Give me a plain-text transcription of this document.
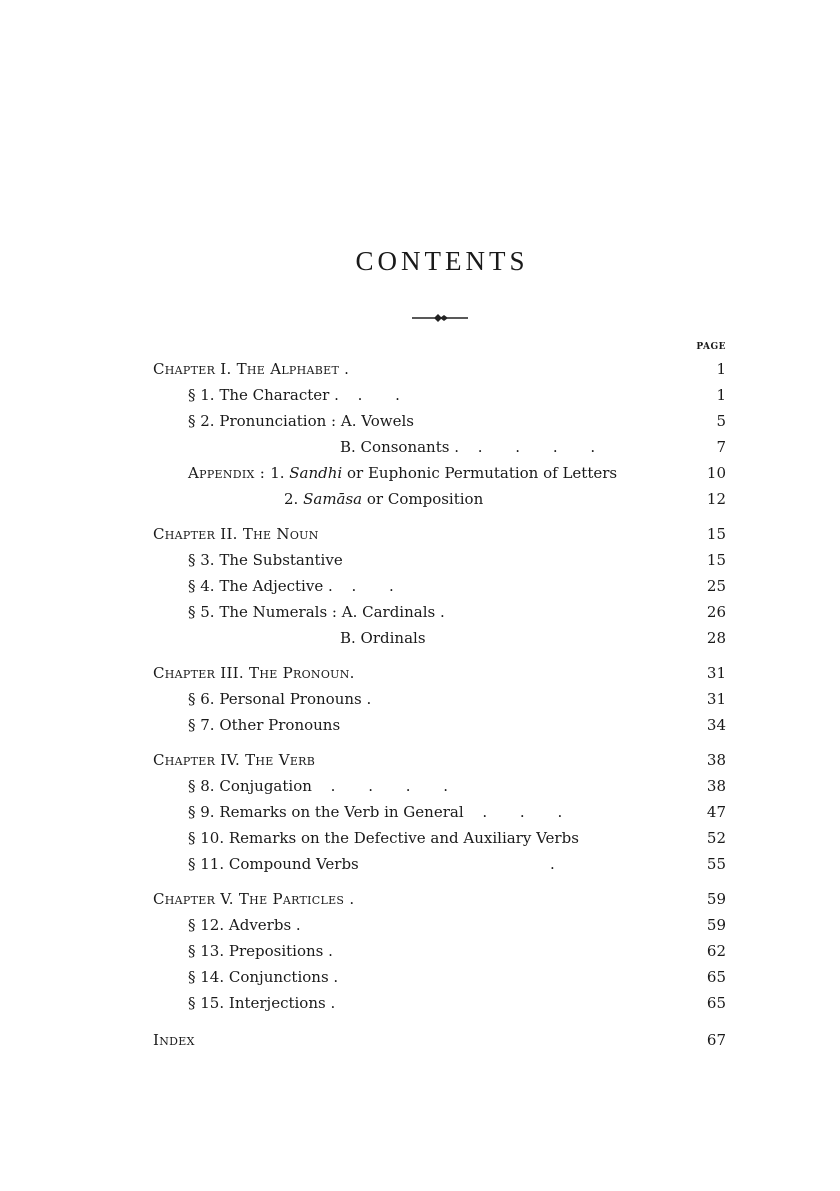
CONTENTS
PAGE
Chapter I. The Alphabet .	1
§ 1. The Character . . .	1
§ 2. Pronunciation : A. Vowels	5
B. Consonants . . . . .	7
Appendix : 1. Sandhi or Euphonic Permutation of Letters	10
2. Samāsa or Composition	12
Chapter II. The Noun	15
§ 3. The Substantive	15
§ 4. The Adjective . . .	25
§ 5. The Numerals : A. Cardinals .	26
B. Ordinals	28
Chapter III. The Pronoun.	31
§ 6. Personal Pronouns .	31
§ 7. Other Pronouns	34
Chapter IV. The Verb	38
§ 8. Conjugation . . . .	38
§ 9. Remarks on the Verb in General . . .	47
§ 10. Remarks on the Defective and Auxiliary Verbs	52
§ 11. Compound Verbs	.	55
Chapter V. The Particles .	59
§ 12. Adverbs .	59
§ 13. Prepositions .	62
§ 14. Conjunctions .	65
§ 15. Interjections .	65
Index	67
